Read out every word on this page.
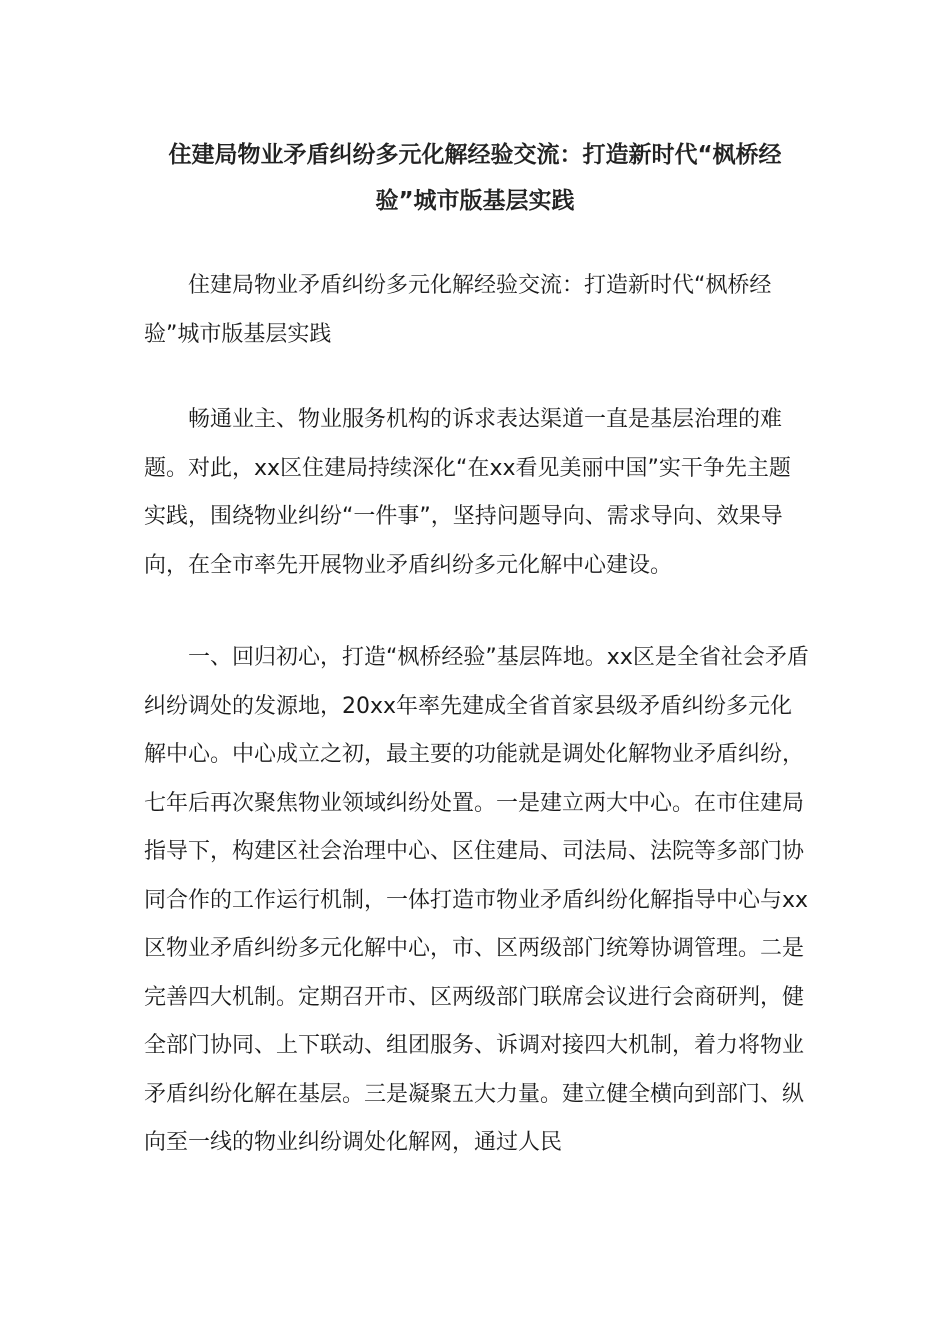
住建局物业矛盾纠纷多元化解经验交流：打造新时代“枫桥经验”城市版基层实践

住建局物业矛盾纠纷多元化解经验交流：打造新时代“枫桥经验”城市版基层实践

畅通业主、物业服务机构的诉求表达渠道一直是基层治理的难题。对此，xx区住建局持续深化“在xx看见美丽中国”实干争先主题实践，围绕物业纠纷“一件事”，坚持问题导向、需求导向、效果导向，在全市率先开展物业矛盾纠纷多元化解中心建设。

一、回归初心，打造“枫桥经验”基层阵地。xx区是全省社会矛盾纠纷调处的发源地，20xx年率先建成全省首家县级矛盾纠纷多元化解中心。中心成立之初，最主要的功能就是调处化解物业矛盾纠纷，七年后再次聚焦物业领域纠纷处置。一是建立两大中心。在市住建局指导下，构建区社会治理中心、区住建局、司法局、法院等多部门协同合作的工作运行机制，一体打造市物业矛盾纠纷化解指导中心与xx区物业矛盾纠纷多元化解中心，市、区两级部门统筹协调管理。二是完善四大机制。定期召开市、区两级部门联席会议进行会商研判，健全部门协同、上下联动、组团服务、诉调对接四大机制，着力将物业矛盾纠纷化解在基层。三是凝聚五大力量。建立健全横向到部门、纵向至一线的物业纠纷调处化解网，通过人民
